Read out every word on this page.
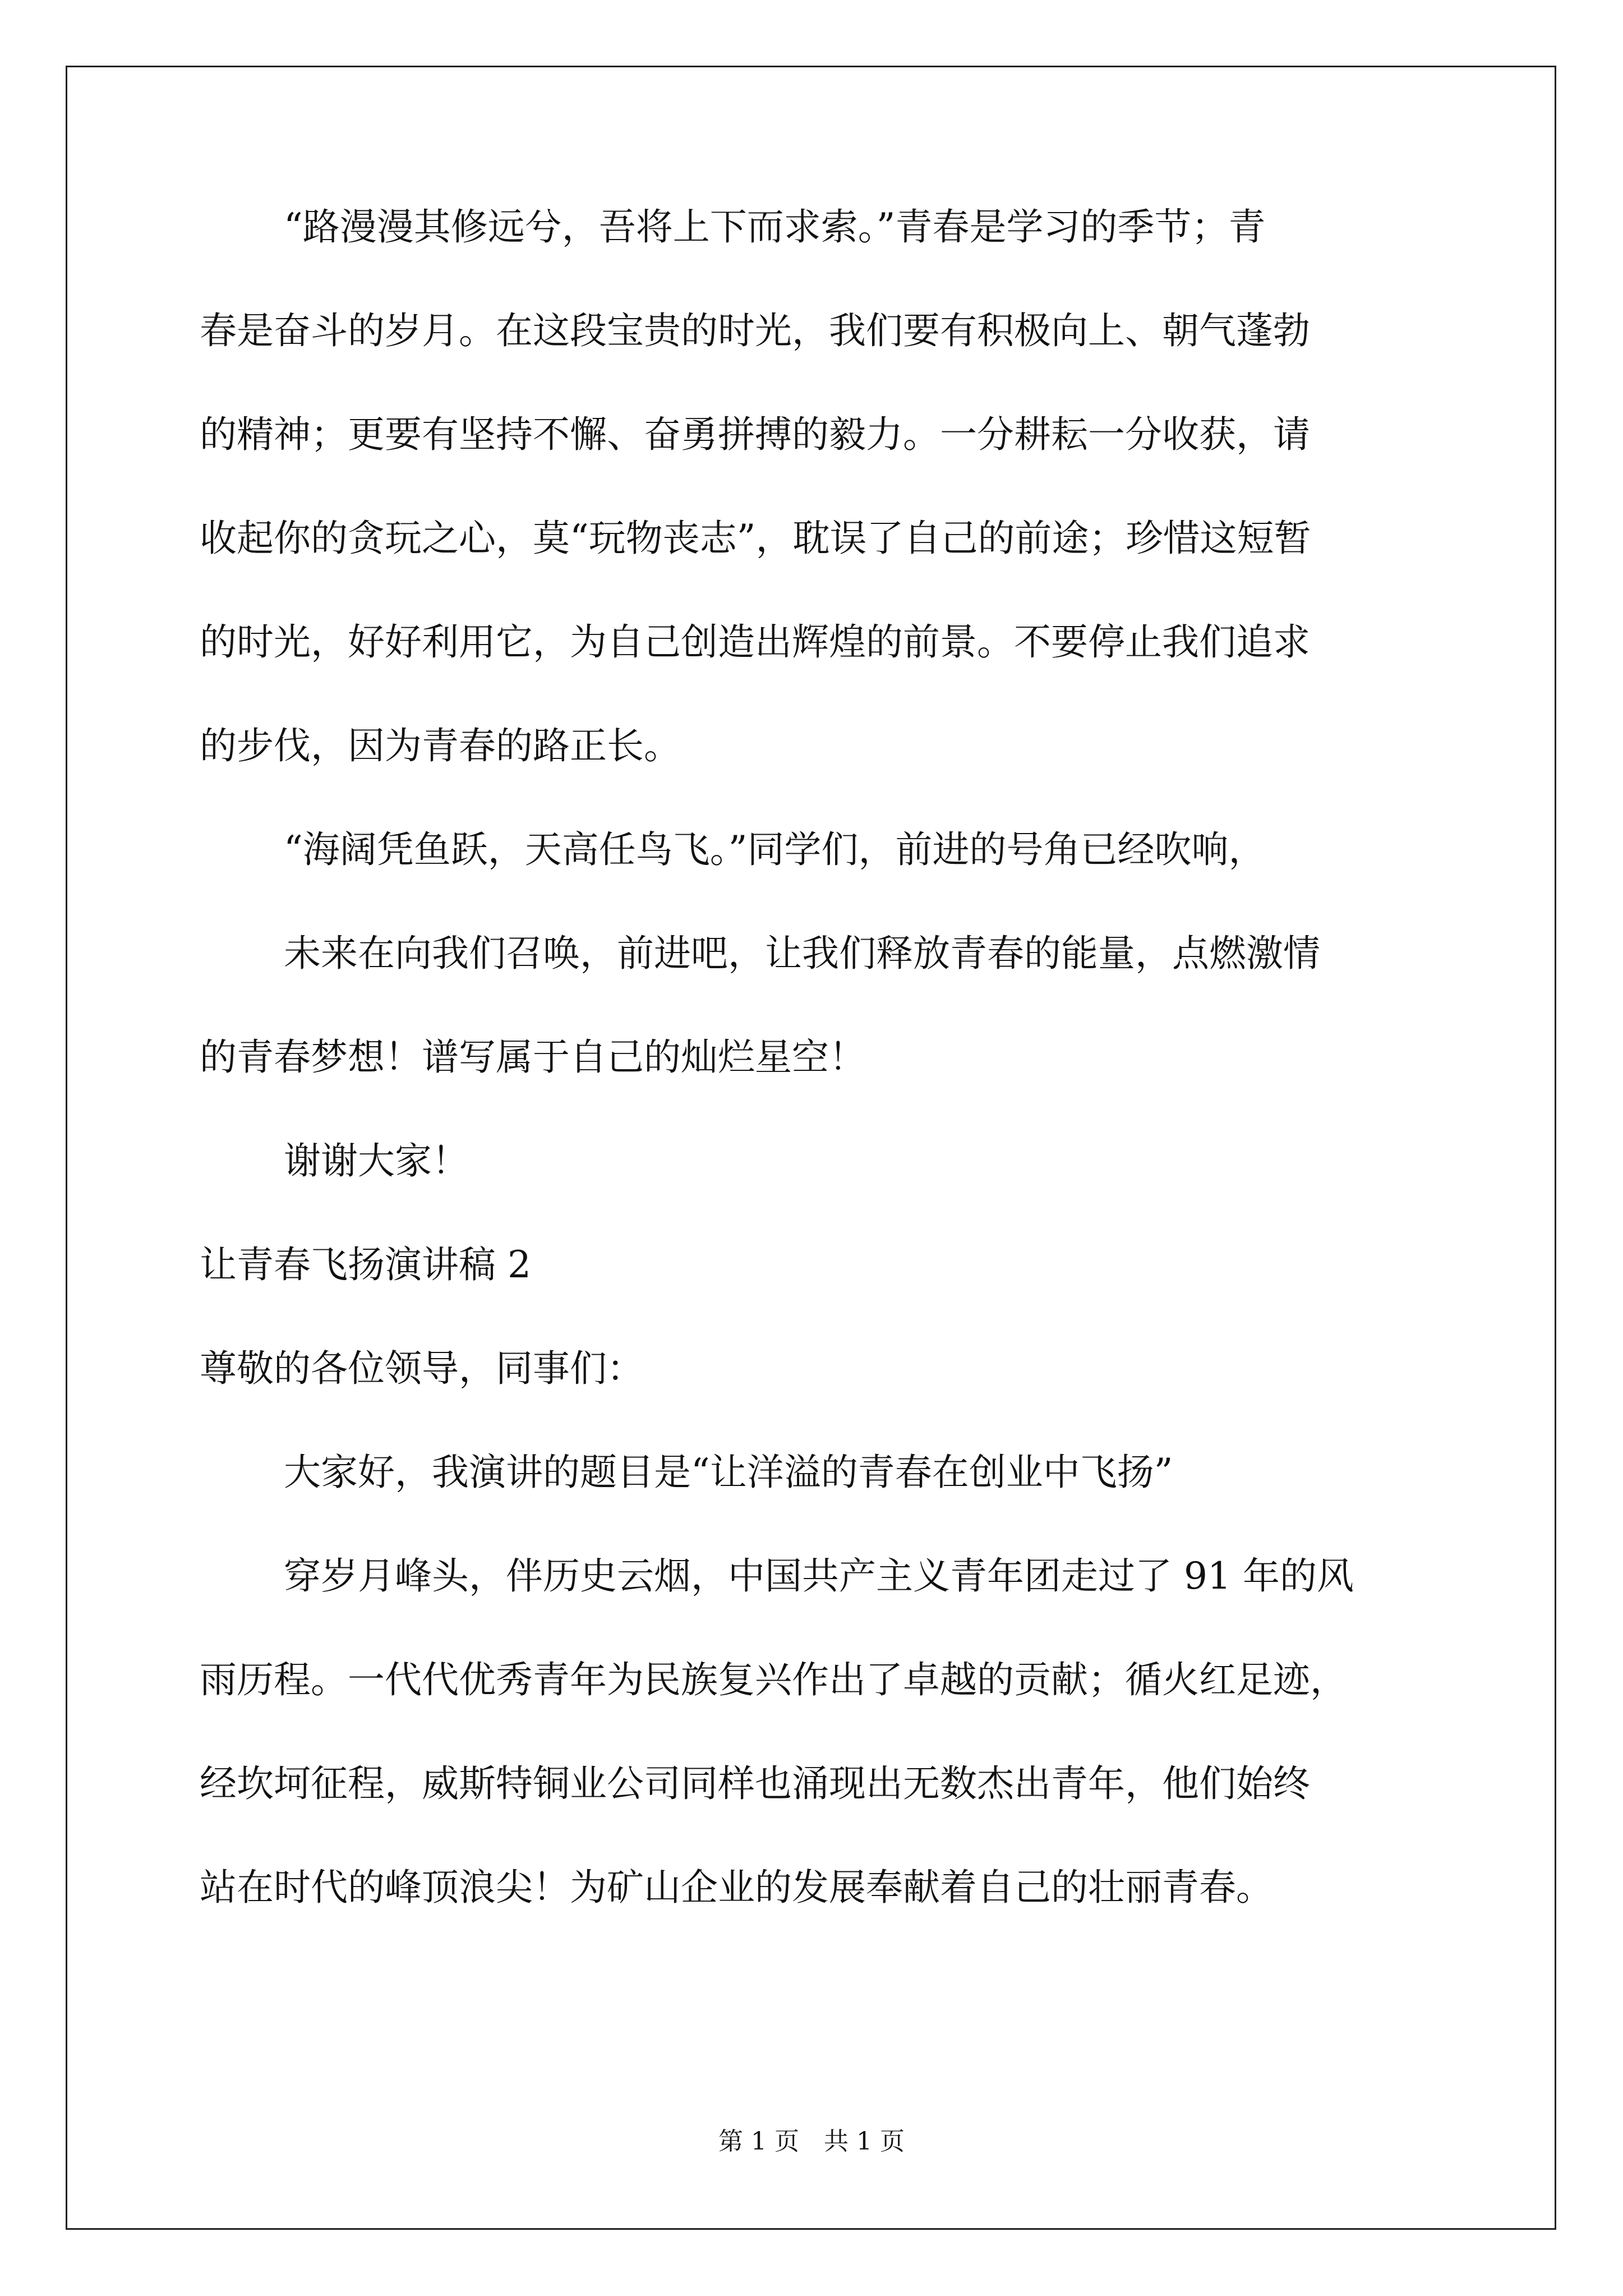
“路漫漫其修远兮，吾将上下而求索。”青春是学习的季节；青
春是奋斗的岁月。在这段宝贵的时光，我们要有积极向上、朝气蓬勃
的精神；更要有坚持不懈、奋勇拼搏的毅力。一分耕耘一分收获，请
收起你的贪玩之心，莫“玩物丧志”，耽误了自己的前途；珍惜这短暂
的时光，好好利用它，为自己创造出辉煌的前景。不要停止我们追求
的步伐，因为青春的路正长。
“海阔凭鱼跃，天高任鸟飞。”同学们，前进的号角已经吹响，
未来在向我们召唤，前进吧，让我们释放青春的能量，点燃激情
的青春梦想！谱写属于自己的灿烂星空！
谢谢大家！
让青春飞扬演讲稿 2
尊敬的各位领导，同事们：
大家好，我演讲的题目是“让洋溢的青春在创业中飞扬”
穿岁月峰头，伴历史云烟，中国共产主义青年团走过了 91 年的风
雨历程。一代代优秀青年为民族复兴作出了卓越的贡献；循火红足迹，
经坎坷征程，威斯特铜业公司同样也涌现出无数杰出青年，他们始终
站在时代的峰顶浪尖！为矿山企业的发展奉献着自己的壮丽青春。
第 1 页　共 1 页
